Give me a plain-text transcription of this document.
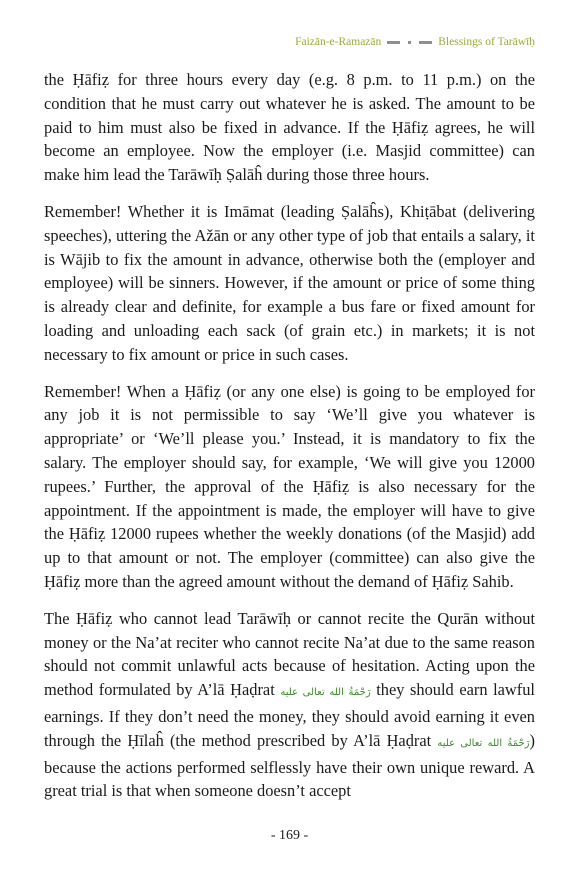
Faizān-e-Ramazān	Blessings of Tarāwīḥ

the Ḥāfiẓ for three hours every day (e.g. 8 p.m. to 11 p.m.) on the condition that he must carry out whatever he is asked. The amount to be paid to him must also be fixed in advance. If the Ḥāfiẓ agrees, he will become an employee. Now the employer (i.e. Masjid committee) can make him lead the Tarāwīḥ Ṣalāĥ during those three hours.

Remember! Whether it is Imāmat (leading Ṣalāĥs), Khiṭābat (delivering speeches), uttering the Ažān or any other type of job that entails a salary, it is Wājib to fix the amount in advance, otherwise both the (employer and employee) will be sinners. However, if the amount or price of some thing is already clear and definite, for example a bus fare or fixed amount for loading and unloading each sack (of grain etc.) in markets; it is not necessary to fix amount or price in such cases.

Remember! When a Ḥāfiẓ (or any one else) is going to be employed for any job it is not permissible to say ‘We’ll give you whatever is appropriate’ or ‘We’ll please you.’ Instead, it is mandatory to fix the salary. The employer should say, for example, ‘We will give you 12000 rupees.’ Further, the approval of the Ḥāfiẓ is also necessary for the appointment. If the appointment is made, the employer will have to give the Ḥāfiẓ 12000 rupees whether the weekly donations (of the Masjid) add up to that amount or not. The employer (committee) can also give the Ḥāfiẓ more than the agreed amount without the demand of Ḥāfiẓ Sahib.

The Ḥāfiẓ who cannot lead Tarāwīḥ or cannot recite the Qurān without money or the Na’at reciter who cannot recite Na’at due to the same reason should not commit unlawful acts because of hesitation. Acting upon the method formulated by A’lā Ḥaḍrat رَحْمَةُ الله تعالى عليه they should earn lawful earnings. If they don’t need the money, they should avoid earning it even through the Ḥīlaĥ (the method prescribed by A’lā Ḥaḍrat رَحْمَةُ الله تعالى عليه) because the actions performed selflessly have their own unique reward. A great trial is that when someone doesn’t accept

- 169 -
